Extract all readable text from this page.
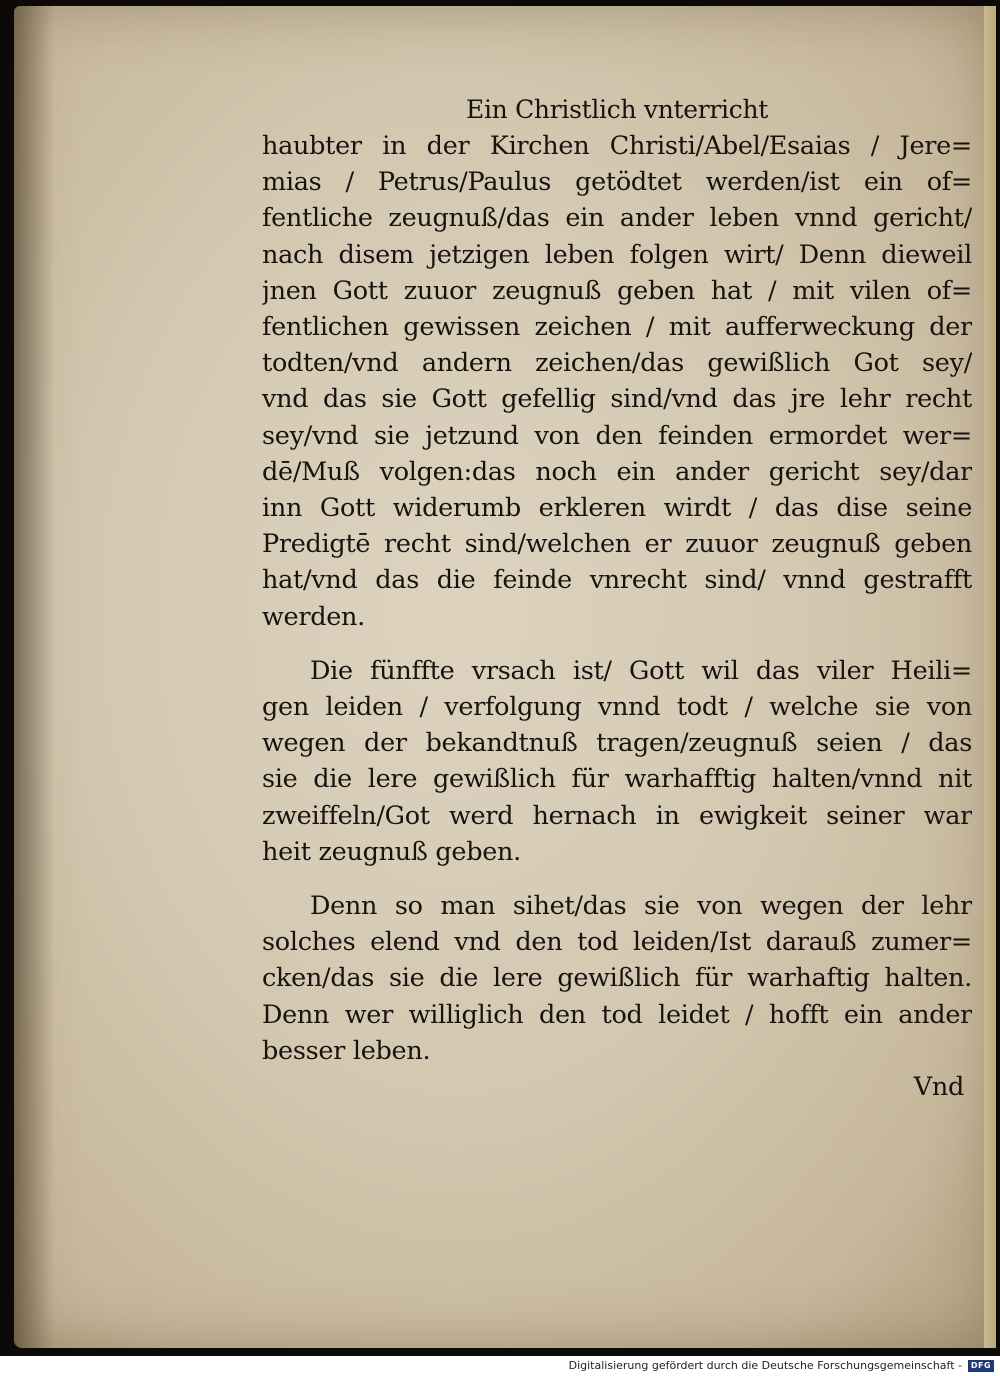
Ein Christlich vnterricht
haubter in der Kirchen Christi/Abel/Esaias / Jere=
mias / Petrus/Paulus getödtet werden/ist ein of=
fentliche zeugnuß/das ein ander leben vnnd gericht/
nach disem jetzigen leben folgen wirt/ Denn dieweil
jnen Gott zuuor zeugnuß geben hat / mit vilen of=
fentlichen gewissen zeichen / mit aufferweckung der
todten/vnd andern zeichen/das gewißlich Got sey/
vnd das sie Gott gefellig sind/vnd das jre lehr recht
sey/vnd sie jetzund von den feinden ermordet wer=
dē/Muß volgen:das noch ein ander gericht sey/dar
inn Gott widerumb erkleren wirdt / das dise seine
Predigtē recht sind/welchen er zuuor zeugnuß geben
hat/vnd das die feinde vnrecht sind/ vnnd gestrafft
werden.
Die fünffte vrsach ist/ Gott wil das viler Heili=
gen leiden / verfolgung vnnd todt / welche sie von
wegen der bekandtnuß tragen/zeugnuß seien / das
sie die lere gewißlich für warhafftig halten/vnnd nit
zweiffeln/Got werd hernach in ewigkeit seiner war
heit zeugnuß geben.
Denn so man sihet/das sie von wegen der lehr
solches elend vnd den tod leiden/Ist darauß zumer=
cken/das sie die lere gewißlich für warhaftig halten.
Denn wer williglich den tod leidet / hofft ein ander
besser leben.
Vnd
Digitalisierung gefördert durch die Deutsche Forschungsgemeinschaft -	DFG
